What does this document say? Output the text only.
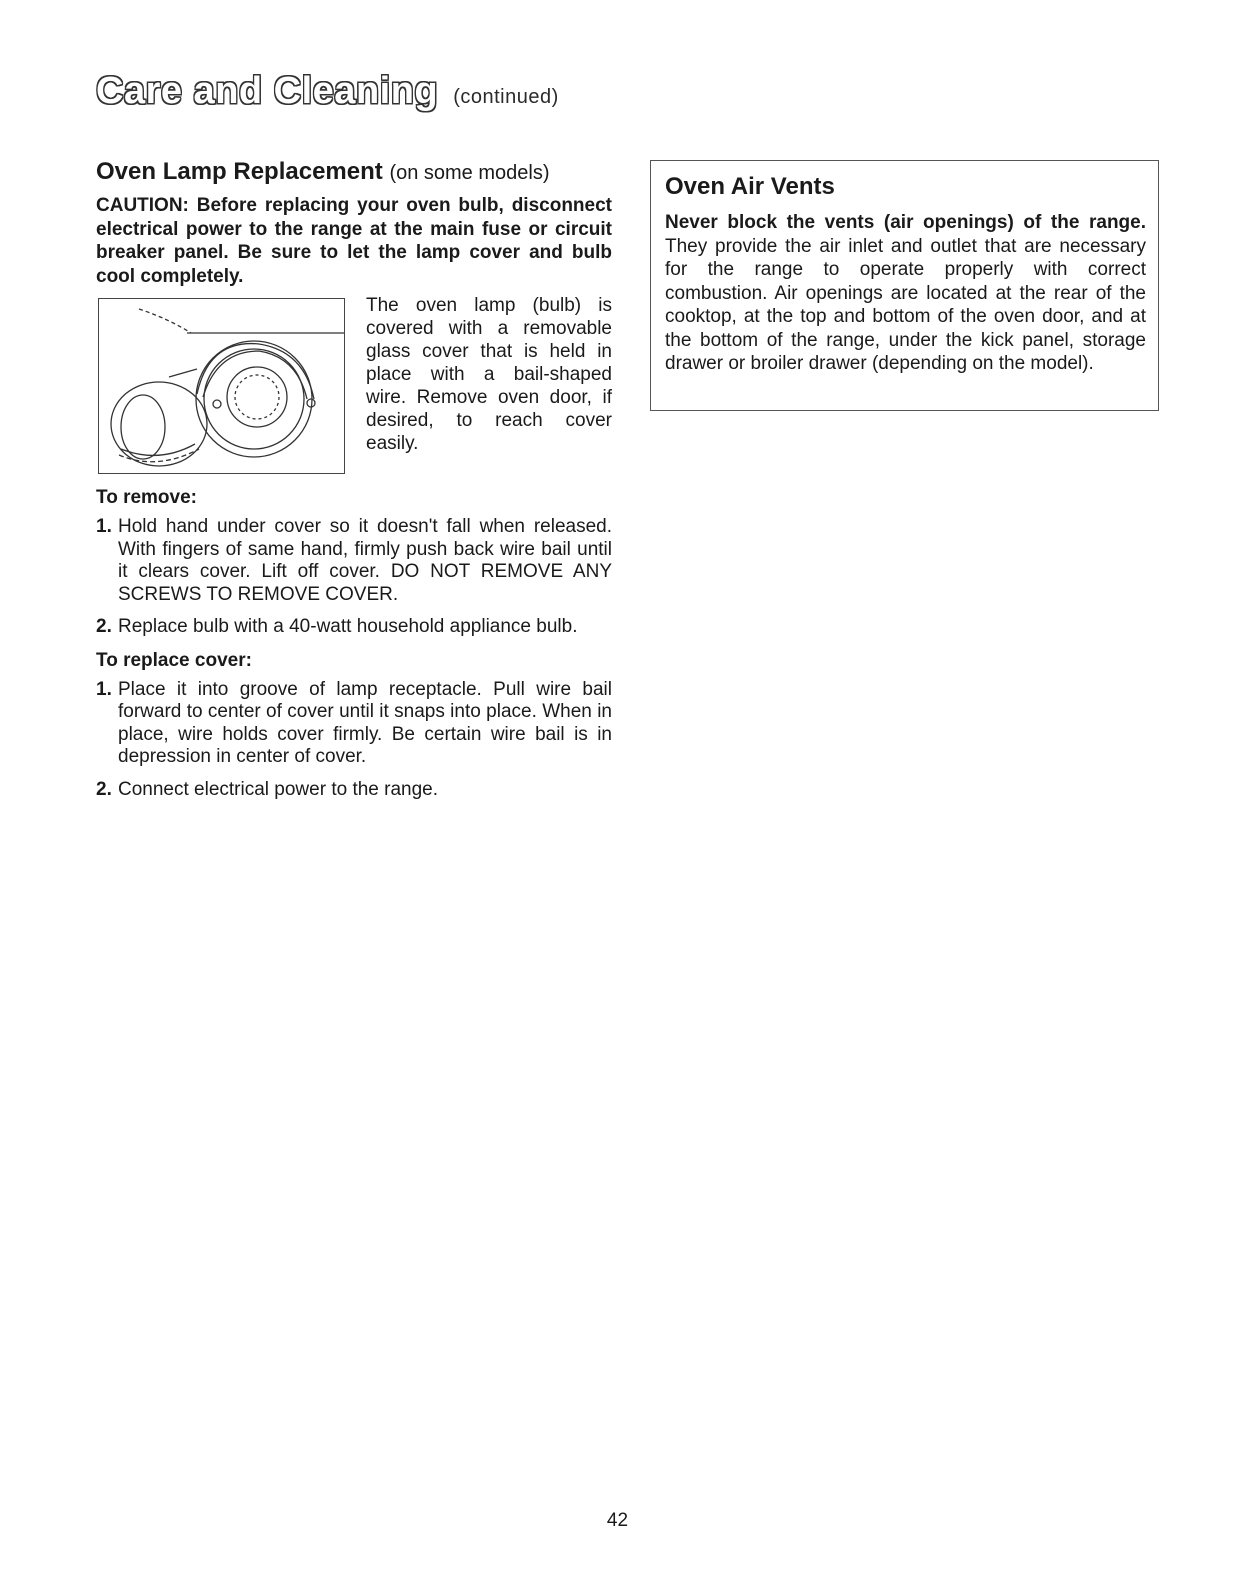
Care and Cleaning (continued)
Oven Lamp Replacement (on some models)
CAUTION: Before replacing your oven bulb, disconnect electrical power to the range at the main fuse or circuit breaker panel. Be sure to let the lamp cover and bulb cool completely.
The oven lamp (bulb) is covered with a removable glass cover that is held in place with a bail-shaped wire. Remove oven door, if desired, to reach cover easily.
To remove:
1. Hold hand under cover so it doesn't fall when released. With fingers of same hand, firmly push back wire bail until it clears cover. Lift off cover. DO NOT REMOVE ANY SCREWS TO REMOVE COVER.
2. Replace bulb with a 40-watt household appliance bulb.
To replace cover:
1. Place it into groove of lamp receptacle. Pull wire bail forward to center of cover until it snaps into place. When in place, wire holds cover firmly. Be certain wire bail is in depression in center of cover.
2. Connect electrical power to the range.
Oven Air Vents

Never block the vents (air openings) of the range. They provide the air inlet and outlet that are necessary for the range to operate properly with correct combustion. Air openings are located at the rear of the cooktop, at the top and bottom of the oven door, and at the bottom of the range, under the kick panel, storage drawer or broiler drawer (depending on the model).

42
